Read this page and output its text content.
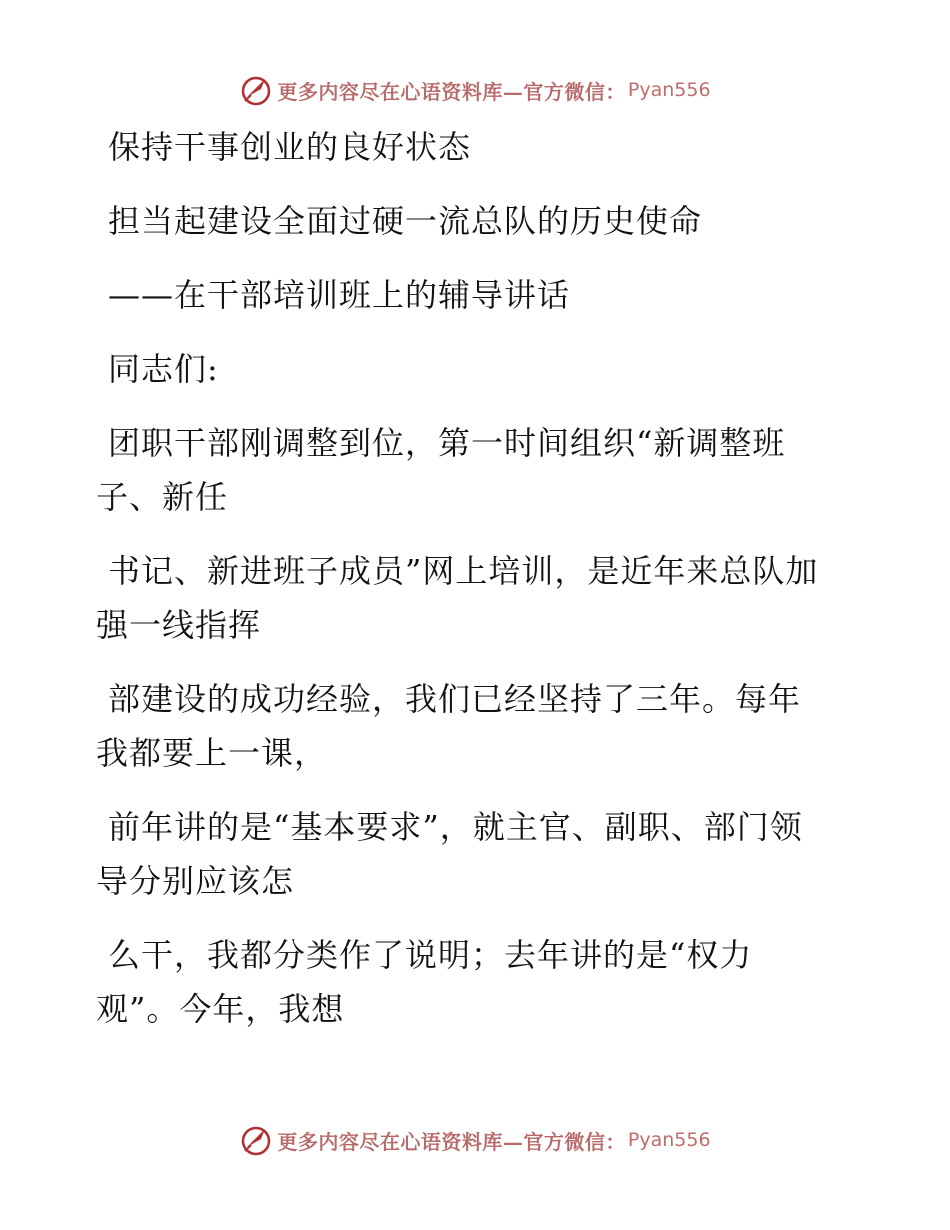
更多内容尽在心语资料库— 官方微信： Pyan556

保持干事创业的良好状态

担当起建设全面过硬一流总队的历史使命

——在干部培训班上的辅导讲话

同志们:

团职干部刚调整到位，第一时间组织“新调整班子、新任

书记、新进班子成员”网上培训，是近年来总队加强一线指挥

部建设的成功经验，我们已经坚持了三年。每年我都要上一课，

前年讲的是“基本要求”，就主官、副职、部门领导分别应该怎

么干，我都分类作了说明；去年讲的是“权力观”。今年，我想

更多内容尽在心语资料库— 官方微信： Pyan556
